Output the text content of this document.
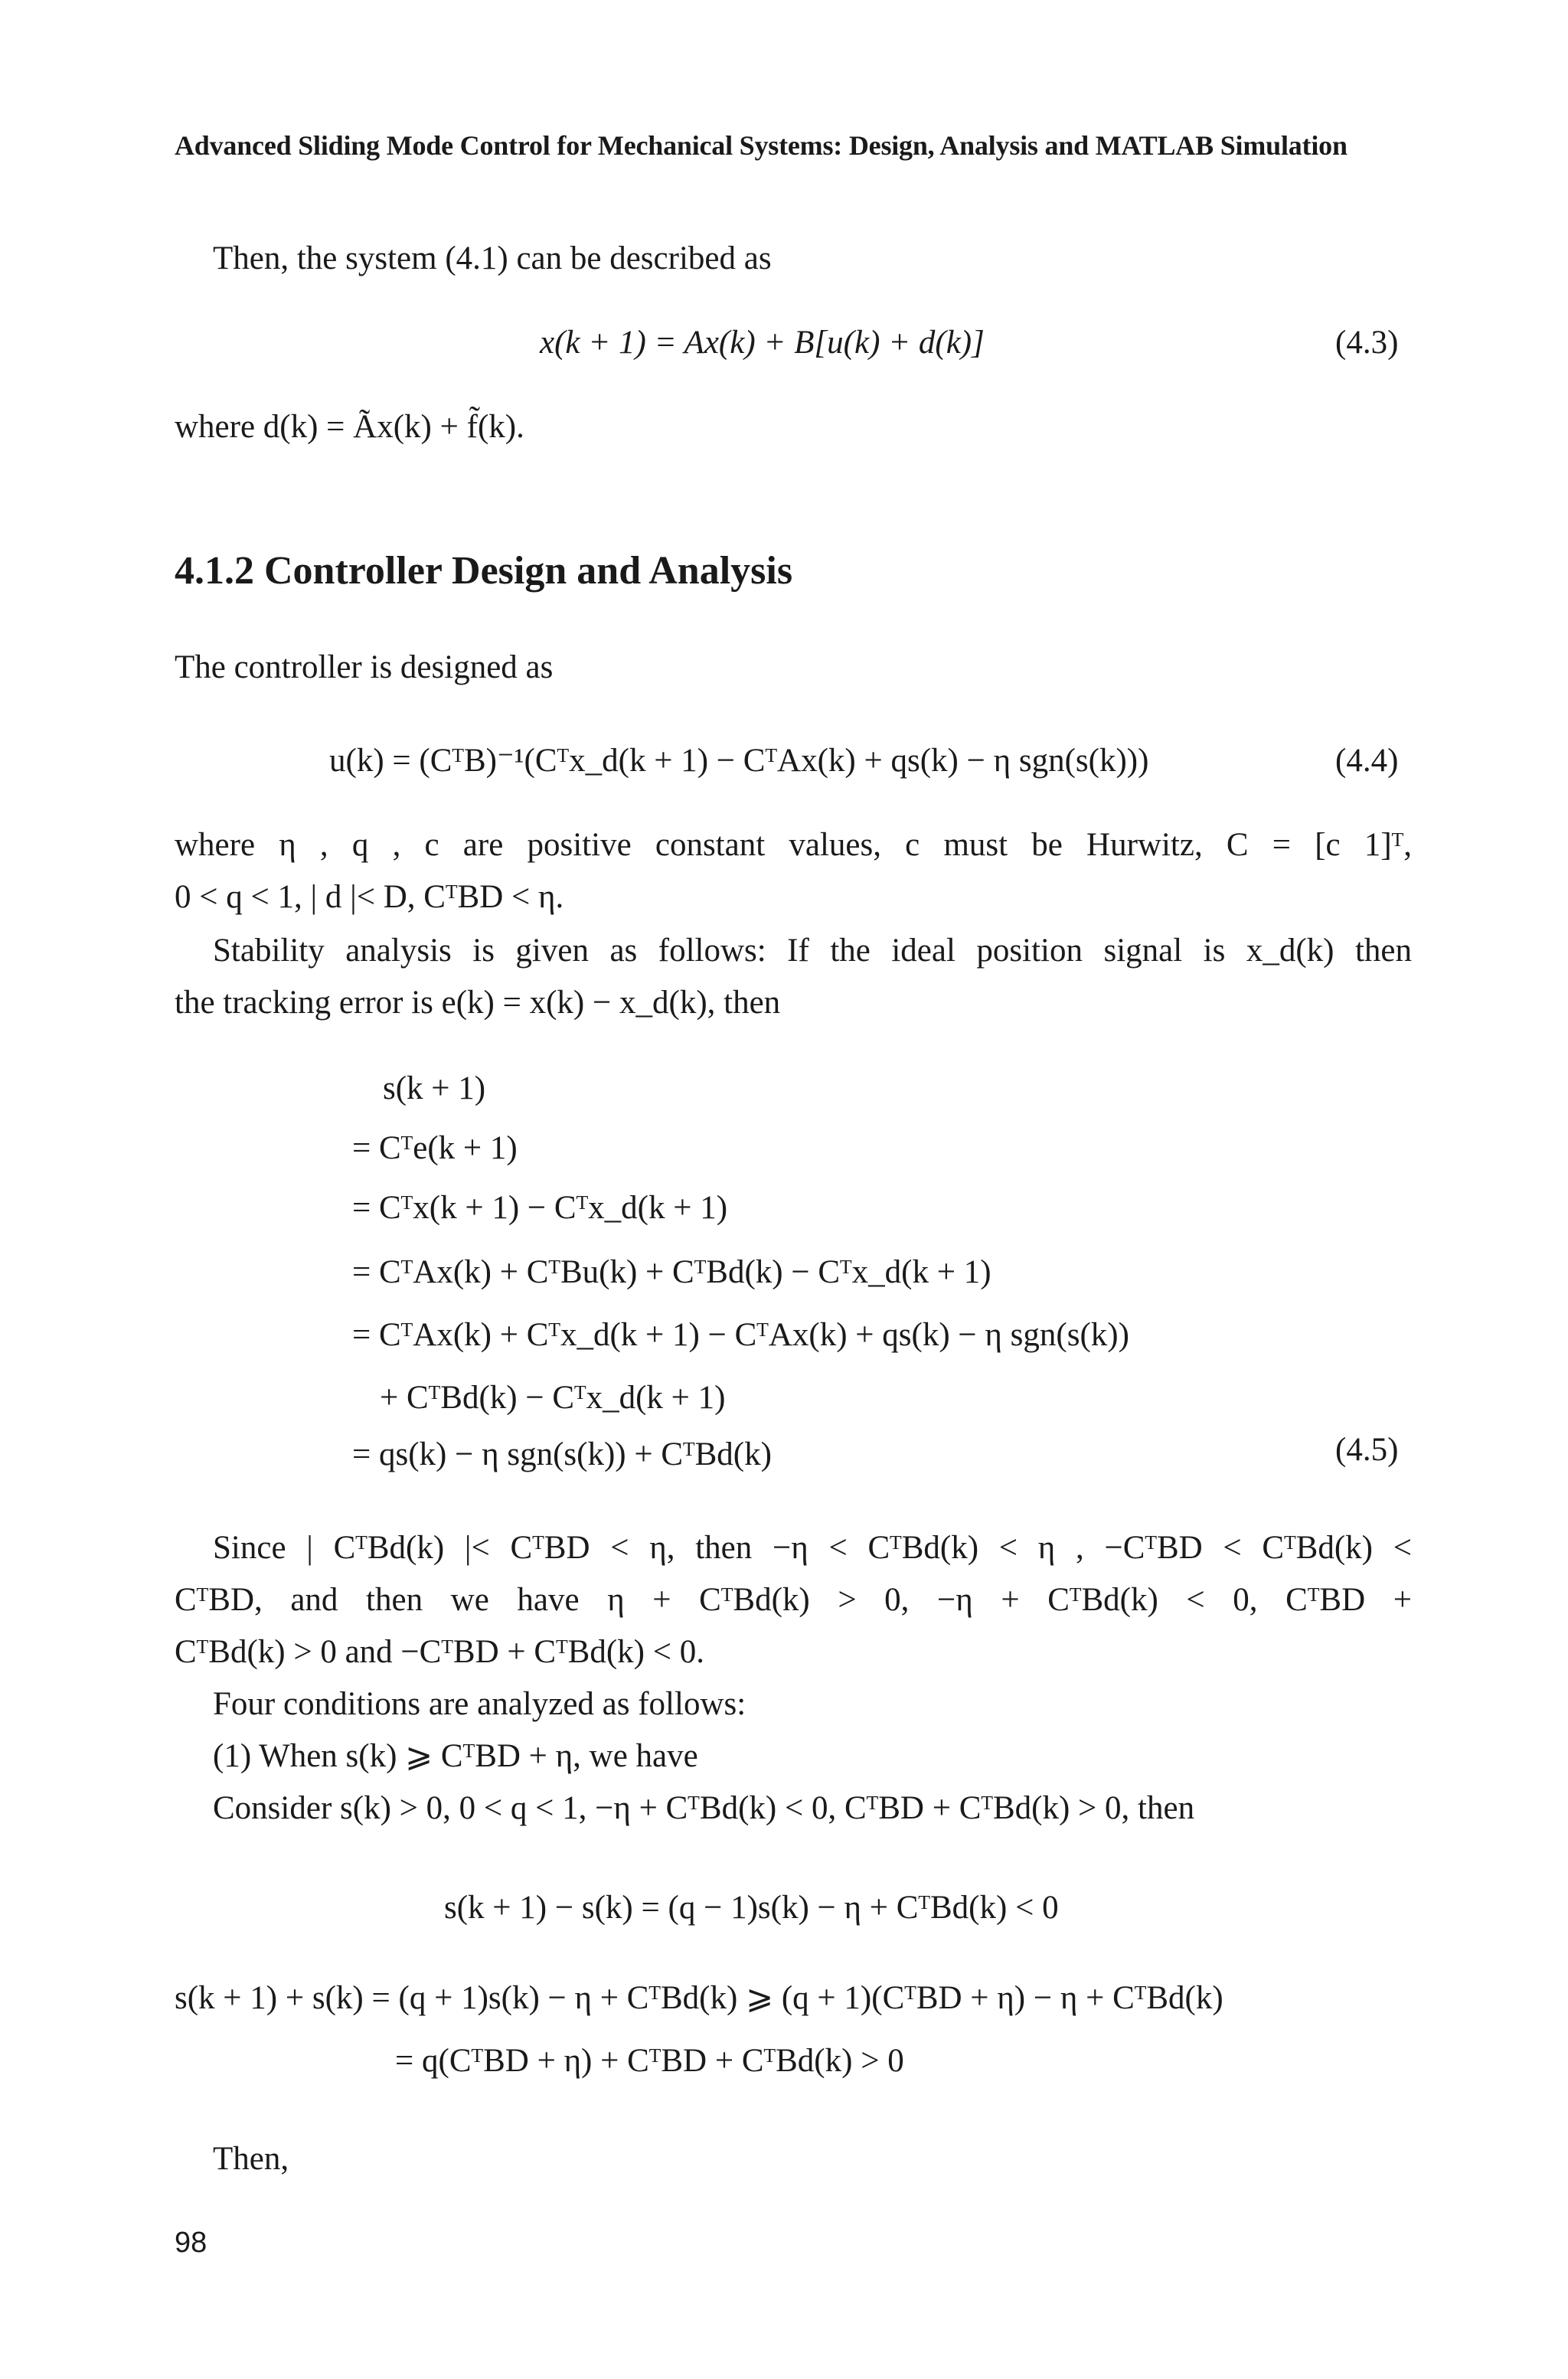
Advanced Sliding Mode Control for Mechanical Systems: Design, Analysis and MATLAB Simulation
Then, the system (4.1) can be described as
x(k + 1) = Ax(k) + B[u(k) + d(k)]	(4.3)
where d(k) = Ãx(k) + f̃(k).
4.1.2 Controller Design and Analysis
The controller is designed as
u(k) = (CᵀB)⁻¹(Cᵀx_d(k + 1) − CᵀAx(k) + qs(k) − η sgn(s(k)))	(4.4)
where η , q , c are positive constant values, c must be Hurwitz, C = [c 1]ᵀ,
0 < q < 1, | d |< D, CᵀBD < η.
Stability analysis is given as follows: If the ideal position signal is x_d(k) then
the tracking error is e(k) = x(k) − x_d(k), then
s(k + 1)
= Cᵀe(k + 1)
= Cᵀx(k + 1) − Cᵀx_d(k + 1)
= CᵀAx(k) + CᵀBu(k) + CᵀBd(k) − Cᵀx_d(k + 1)
= CᵀAx(k) + Cᵀx_d(k + 1) − CᵀAx(k) + qs(k) − η sgn(s(k))
+ CᵀBd(k) − Cᵀx_d(k + 1)
= qs(k) − η sgn(s(k)) + CᵀBd(k)	(4.5)
Since | CᵀBd(k) |< CᵀBD < η, then −η < CᵀBd(k) < η , −CᵀBD < CᵀBd(k) <
CᵀBD, and then we have η + CᵀBd(k) > 0, −η + CᵀBd(k) < 0, CᵀBD +
CᵀBd(k) > 0 and −CᵀBD + CᵀBd(k) < 0.
Four conditions are analyzed as follows:
(1) When s(k) ⩾ CᵀBD + η, we have
Consider s(k) > 0, 0 < q < 1, −η + CᵀBd(k) < 0, CᵀBD + CᵀBd(k) > 0, then
s(k + 1) − s(k) = (q − 1)s(k) − η + CᵀBd(k) < 0
s(k + 1) + s(k) = (q + 1)s(k) − η + CᵀBd(k) ⩾ (q + 1)(CᵀBD + η) − η + CᵀBd(k)
= q(CᵀBD + η) + CᵀBD + CᵀBd(k) > 0
Then,
98
